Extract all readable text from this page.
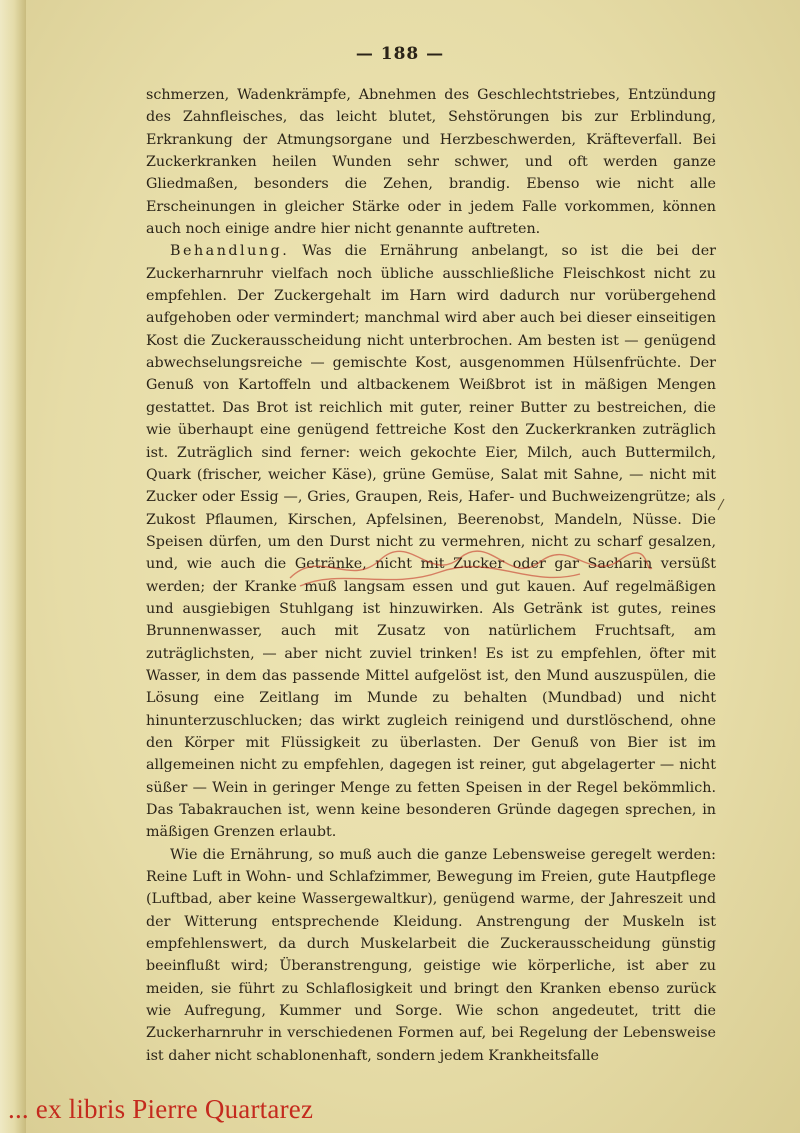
— 188 —

schmerzen, Wadenkrämpfe, Abnehmen des Geschlechtstriebes, Entzündung des Zahnfleisches, das leicht blutet, Sehstörungen bis zur Erblindung, Erkrankung der Atmungsorgane und Herzbeschwerden, Kräfteverfall. Bei Zuckerkranken heilen Wunden sehr schwer, und oft werden ganze Gliedmaßen, besonders die Zehen, brandig. Ebenso wie nicht alle Erscheinungen in gleicher Stärke oder in jedem Falle vorkommen, können auch noch einige andre hier nicht genannte auftreten.

Behandlung. Was die Ernährung anbelangt, so ist die bei der Zuckerharnruhr vielfach noch übliche ausschließliche Fleischkost nicht zu empfehlen. Der Zuckergehalt im Harn wird dadurch nur vorübergehend aufgehoben oder vermindert; manchmal wird aber auch bei dieser einseitigen Kost die Zuckerausscheidung nicht unterbrochen. Am besten ist — genügend abwechselungsreiche — gemischte Kost, ausgenommen Hülsenfrüchte. Der Genuß von Kartoffeln und altbackenem Weißbrot ist in mäßigen Mengen gestattet. Das Brot ist reichlich mit guter, reiner Butter zu bestreichen, die wie überhaupt eine genügend fettreiche Kost den Zuckerkranken zuträglich ist. Zuträglich sind ferner: weich gekochte Eier, Milch, auch Buttermilch, Quark (frischer, weicher Käse), grüne Gemüse, Salat mit Sahne, — nicht mit Zucker oder Essig —, Gries, Graupen, Reis, Hafer- und Buchweizengrütze; als Zukost Pflaumen, Kirschen, Apfelsinen, Beerenobst, Mandeln, Nüsse. Die Speisen dürfen, um den Durst nicht zu vermehren, nicht zu scharf gesalzen, und, wie auch die Getränke, nicht mit Zucker oder gar Sacharin versüßt werden; der Kranke muß langsam essen und gut kauen. Auf regelmäßigen und ausgiebigen Stuhlgang ist hinzuwirken. Als Getränk ist gutes, reines Brunnenwasser, auch mit Zusatz von natürlichem Fruchtsaft, am zuträglichsten, — aber nicht zuviel trinken! Es ist zu empfehlen, öfter mit Wasser, in dem das passende Mittel aufgelöst ist, den Mund auszuspülen, die Lösung eine Zeitlang im Munde zu behalten (Mundbad) und nicht hinunterzuschlucken; das wirkt zugleich reinigend und durstlöschend, ohne den Körper mit Flüssigkeit zu überlasten. Der Genuß von Bier ist im allgemeinen nicht zu empfehlen, dagegen ist reiner, gut abgelagerter — nicht süßer — Wein in geringer Menge zu fetten Speisen in der Regel bekömmlich. Das Tabakrauchen ist, wenn keine besonderen Gründe dagegen sprechen, in mäßigen Grenzen erlaubt.

Wie die Ernährung, so muß auch die ganze Lebensweise geregelt werden: Reine Luft in Wohn- und Schlafzimmer, Bewegung im Freien, gute Hautpflege (Luftbad, aber keine Wassergewaltkur), genügend warme, der Jahreszeit und der Witterung entsprechende Kleidung. Anstrengung der Muskeln ist empfehlenswert, da durch Muskelarbeit die Zuckerausscheidung günstig beeinflußt wird; Überanstrengung, geistige wie körperliche, ist aber zu meiden, sie führt zu Schlaflosigkeit und bringt den Kranken ebenso zurück wie Aufregung, Kummer und Sorge. Wie schon angedeutet, tritt die Zuckerharnruhr in verschiedenen Formen auf, bei Regelung der Lebensweise ist daher nicht schablonenhaft, sondern jedem Krankheitsfalle

... ex libris Pierre Quartarez
